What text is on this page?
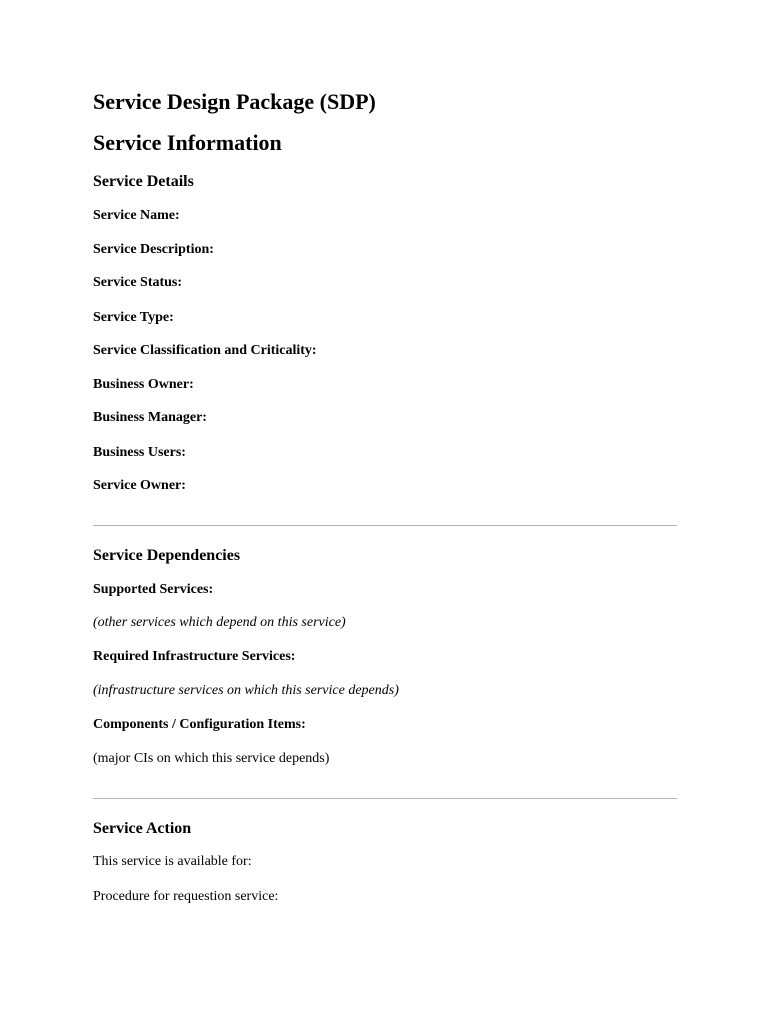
Service Design Package (SDP)
Service Information
Service Details

Service Name:

Service Description:

Service Status:

Service Type:

Service Classification and Criticality:

Business Owner:

Business Manager:

Business Users:

Service Owner:

Service Dependencies

Supported Services:

(other services which depend on this service)

Required Infrastructure Services:

(infrastructure services on which this service depends)

Components / Configuration Items:

(major CIs on which this service depends)

Service Action

This service is available for:

Procedure for requestion service:
